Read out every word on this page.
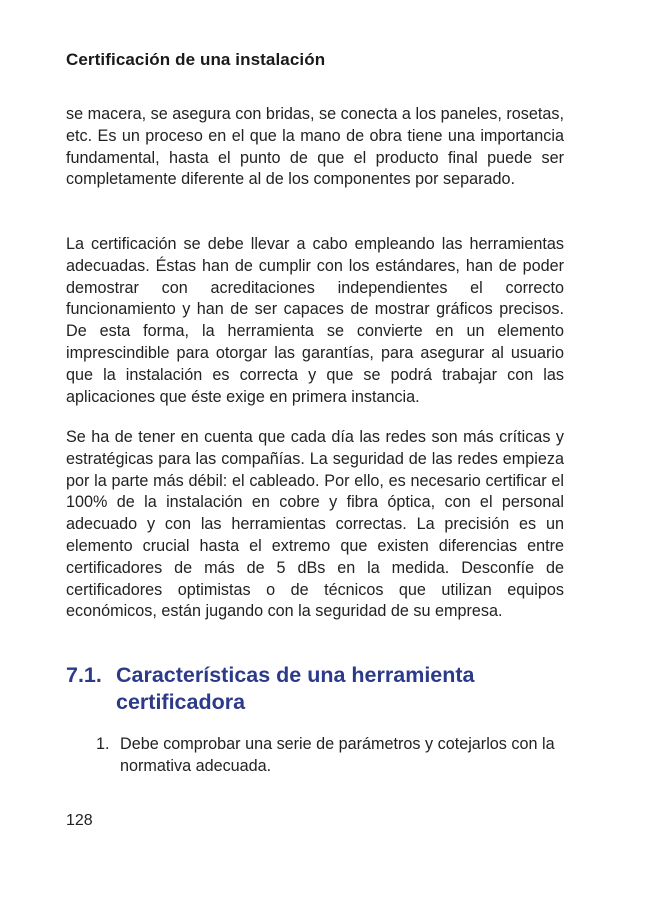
Certificación de una instalación
se macera, se asegura con bridas, se conecta a los paneles, rosetas, etc. Es un proceso en el que la mano de obra tiene una importancia fundamental, hasta el punto de que el producto final puede ser completamente diferente al de los componentes por separado.
La certificación se debe llevar a cabo empleando las herramientas adecuadas. Éstas han de cumplir con los estándares, han de poder demostrar con acreditaciones independientes el correcto funcionamiento y han de ser capaces de mostrar gráficos precisos. De esta forma, la herramienta se convierte en un elemento imprescindible para otorgar las garantías, para asegurar al usuario que la instalación es correcta y que se podrá trabajar con las aplicaciones que éste exige en primera instancia.
Se ha de tener en cuenta que cada día las redes son más críticas y estratégicas para las compañías. La seguridad de las redes empieza por la parte más débil: el cableado. Por ello, es necesario certificar el 100% de la instalación en cobre y fibra óptica, con el personal adecuado y con las herramientas correctas. La precisión es un elemento crucial hasta el extremo que existen diferencias entre certificadores de más de 5 dBs en la medida. Desconfíe de certificadores optimistas o de técnicos que utilizan equipos económicos, están jugando con la seguridad de su empresa.
7.1. Características de una herramienta certificadora
1. Debe comprobar una serie de parámetros y cotejarlos con la normativa adecuada.
128
